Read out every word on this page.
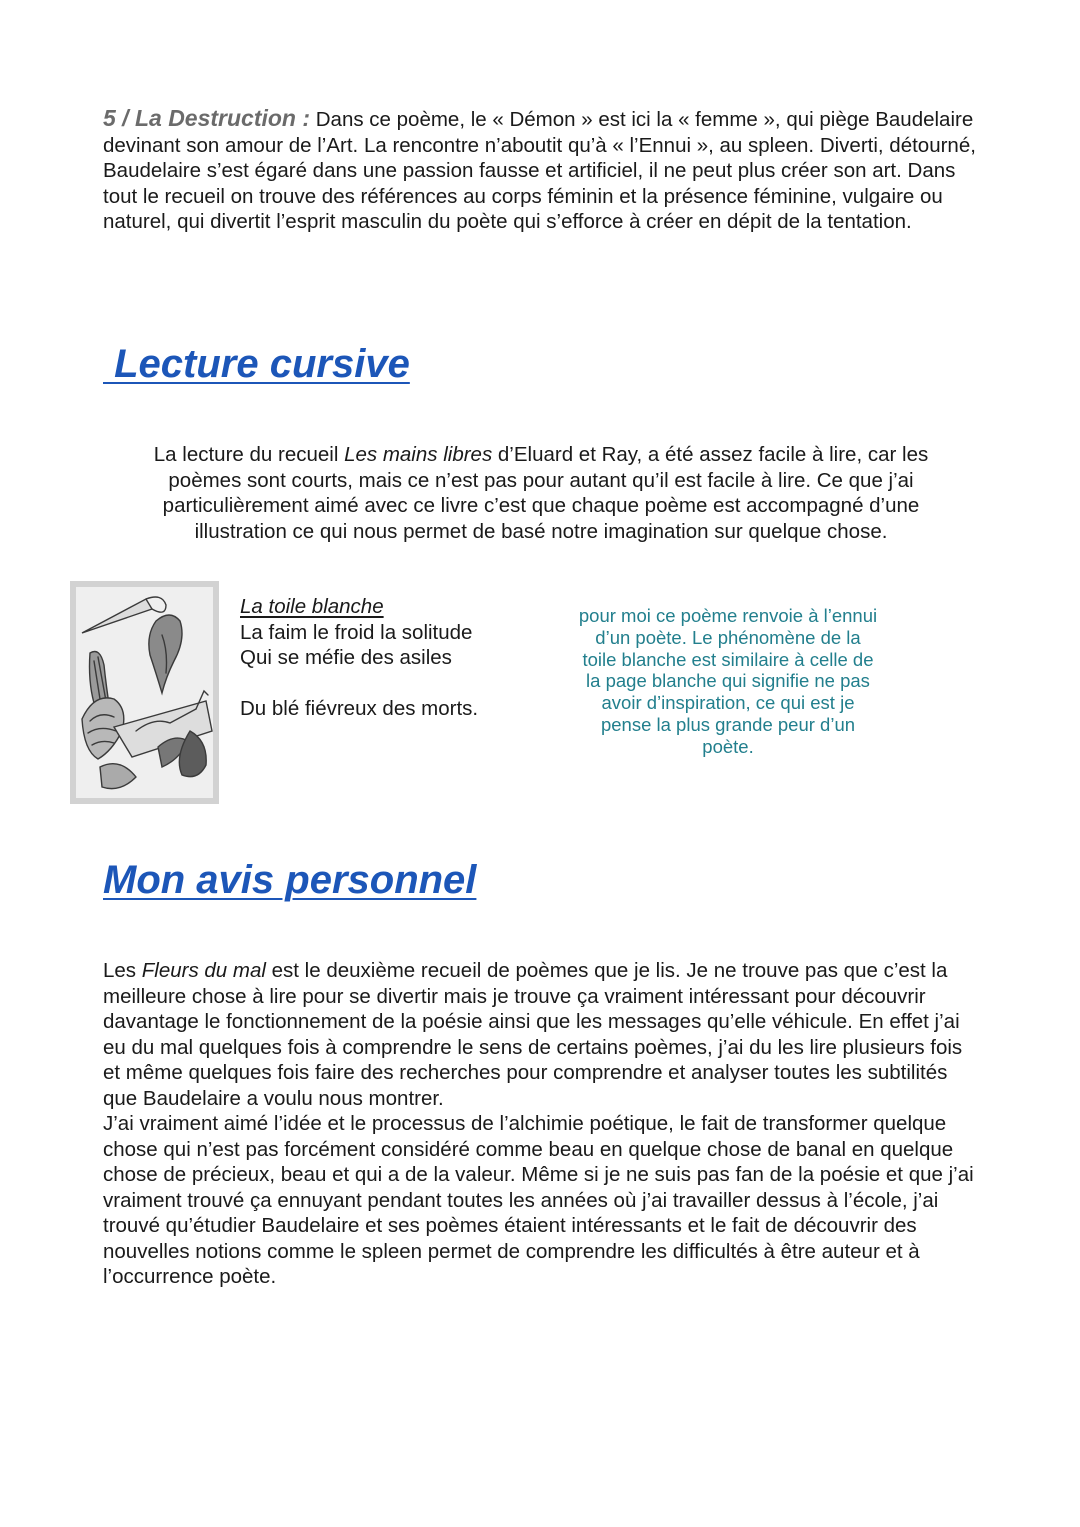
5 / La Destruction : Dans ce poème, le « Démon » est ici la « femme », qui piège Baudelaire devinant son amour de l’Art. La rencontre n’aboutit qu’à « l’Ennui », au spleen. Diverti, détourné, Baudelaire s’est égaré dans une passion fausse et artificiel, il ne peut plus créer son art. Dans tout le recueil on trouve des références au corps féminin et la présence féminine, vulgaire ou naturel, qui divertit l’esprit masculin du poète qui s’efforce à créer en dépit de la tentation.
Lecture cursive
La lecture du recueil Les mains libres d’Eluard et Ray, a été assez facile à lire, car les poèmes sont courts, mais ce n’est pas pour autant qu’il est facile à lire. Ce que j’ai particulièrement aimé avec ce livre c’est que chaque poème est accompagné d’une illustration ce qui nous permet de basé notre imagination sur quelque chose.
La toile blanche
La faim le froid la solitude
Qui se méfie des asiles

Du blé fiévreux des morts.
pour moi ce poème renvoie à l’ennui d’un poète. Le phénomène de la toile blanche est similaire à celle de la page blanche qui signifie ne pas avoir d’inspiration, ce qui est je pense la plus grande peur d’un poète.
Mon avis personnel

Les Fleurs du mal est le deuxième recueil de poèmes que je lis. Je ne trouve pas que c’est la meilleure chose à lire pour se divertir mais je trouve ça vraiment intéressant pour découvrir davantage le fonctionnement de la poésie ainsi que les messages qu’elle véhicule. En effet j’ai eu du mal quelques fois à comprendre le sens de certains poèmes, j’ai du les lire plusieurs fois et même quelques fois faire des recherches pour comprendre et analyser toutes les subtilités que Baudelaire a voulu nous montrer.

J’ai vraiment aimé l’idée et le processus de l’alchimie poétique, le fait de transformer quelque chose qui n’est pas forcément considéré comme beau en quelque chose de banal en quelque chose de précieux, beau et qui a de la valeur. Même si je ne suis pas fan de la poésie et que j’ai vraiment trouvé ça ennuyant pendant toutes les années où j’ai travailler dessus à l’école, j’ai trouvé qu’étudier Baudelaire et ses poèmes étaient intéressants et le fait de découvrir des nouvelles notions comme le spleen permet de comprendre les difficultés à être auteur et à l’occurrence poète.
